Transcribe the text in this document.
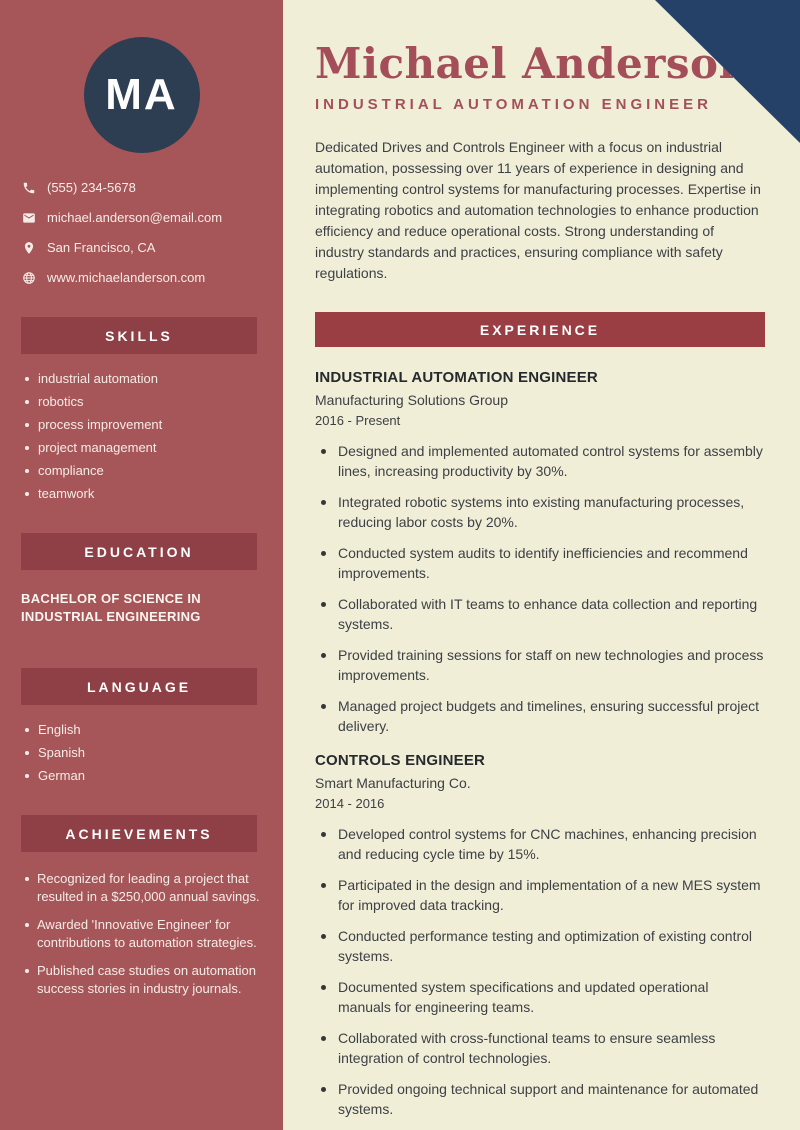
MA
(555) 234-5678
michael.anderson@email.com
San Francisco, CA
www.michaelanderson.com
SKILLS
industrial automation
robotics
process improvement
project management
compliance
teamwork
EDUCATION

BACHELOR OF SCIENCE IN INDUSTRIAL ENGINEERING

LANGUAGE
English
Spanish
German
ACHIEVEMENTS
Recognized for leading a project that resulted in a $250,000 annual savings.
Awarded 'Innovative Engineer' for contributions to automation strategies.
Published case studies on automation success stories in industry journals.
Michael Anderson
INDUSTRIAL AUTOMATION ENGINEER

Dedicated Drives and Controls Engineer with a focus on industrial automation, possessing over 11 years of experience in designing and implementing control systems for manufacturing processes. Expertise in integrating robotics and automation technologies to enhance production efficiency and reduce operational costs. Strong understanding of industry standards and practices, ensuring compliance with safety regulations.

EXPERIENCE
INDUSTRIAL AUTOMATION ENGINEER
Manufacturing Solutions Group
2016 - Present
Designed and implemented automated control systems for assembly lines, increasing productivity by 30%.
Integrated robotic systems into existing manufacturing processes, reducing labor costs by 20%.
Conducted system audits to identify inefficiencies and recommend improvements.
Collaborated with IT teams to enhance data collection and reporting systems.
Provided training sessions for staff on new technologies and process improvements.
Managed project budgets and timelines, ensuring successful project delivery.
CONTROLS ENGINEER
Smart Manufacturing Co.
2014 - 2016
Developed control systems for CNC machines, enhancing precision and reducing cycle time by 15%.
Participated in the design and implementation of a new MES system for improved data tracking.
Conducted performance testing and optimization of existing control systems.
Documented system specifications and updated operational manuals for engineering teams.
Collaborated with cross-functional teams to ensure seamless integration of control technologies.
Provided ongoing technical support and maintenance for automated systems.
